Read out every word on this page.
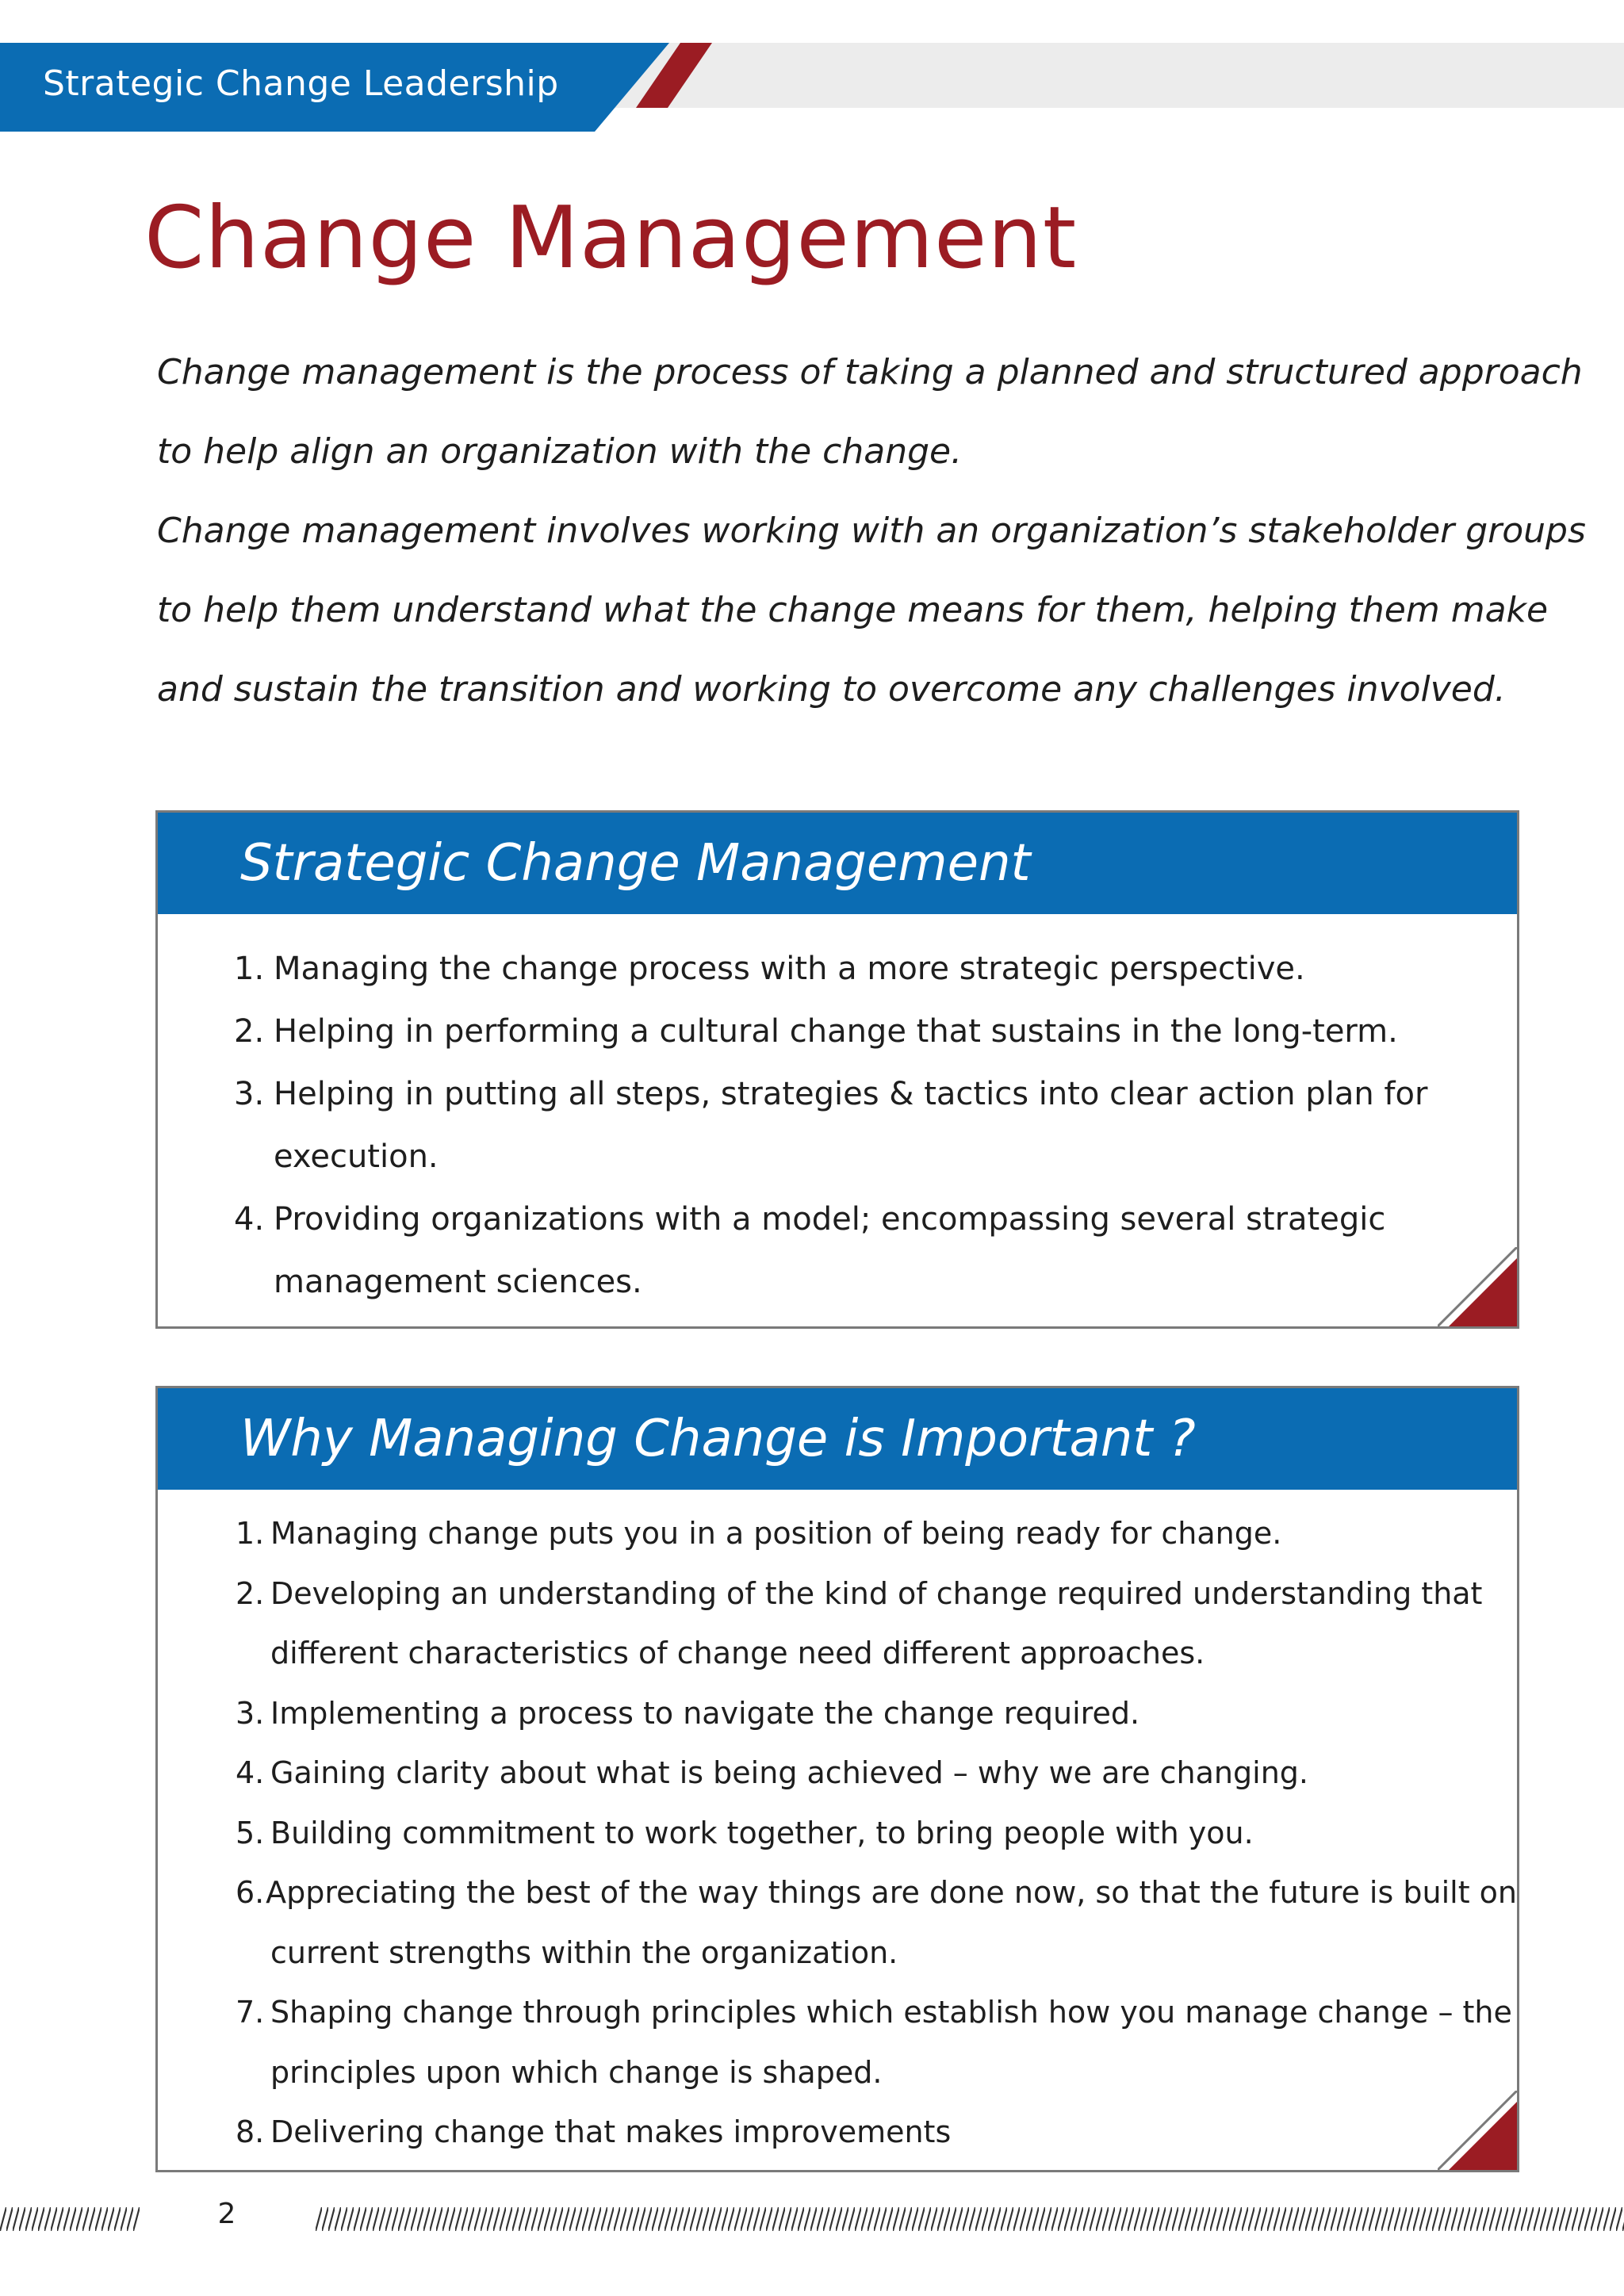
Strategic Change Leadership
Change Management

Change management is the process of taking a planned and structured approach

to help align an organization with the change.

Change management involves working with an organization’s stakeholder groups

to help them understand what the change means for them, helping them make

and sustain the transition and working to overcome any challenges involved.

Strategic Change Management
1. Managing the change process with a more strategic perspective.
2. Helping in performing a cultural change that sustains in the long-term.
3. Helping in putting all steps, strategies & tactics into clear action plan for
execution.
4. Providing organizations with a model; encompassing several strategic
management sciences.
Why Managing Change is Important ?
1. Managing change puts you in a position of being ready for change.
2. Developing an understanding of the kind of change required understanding that
different characteristics of change need different approaches.
3. Implementing a process to navigate the change required.
4. Gaining clarity about what is being achieved – why we are changing.
5. Building commitment to work together, to bring people with you.
6. Appreciating the best of the way things are done now, so that the future is built on
current strengths within the organization.
7. Shaping change through principles which establish how you manage change – the
principles upon which change is shaped.
8. Delivering change that makes improvements
2
